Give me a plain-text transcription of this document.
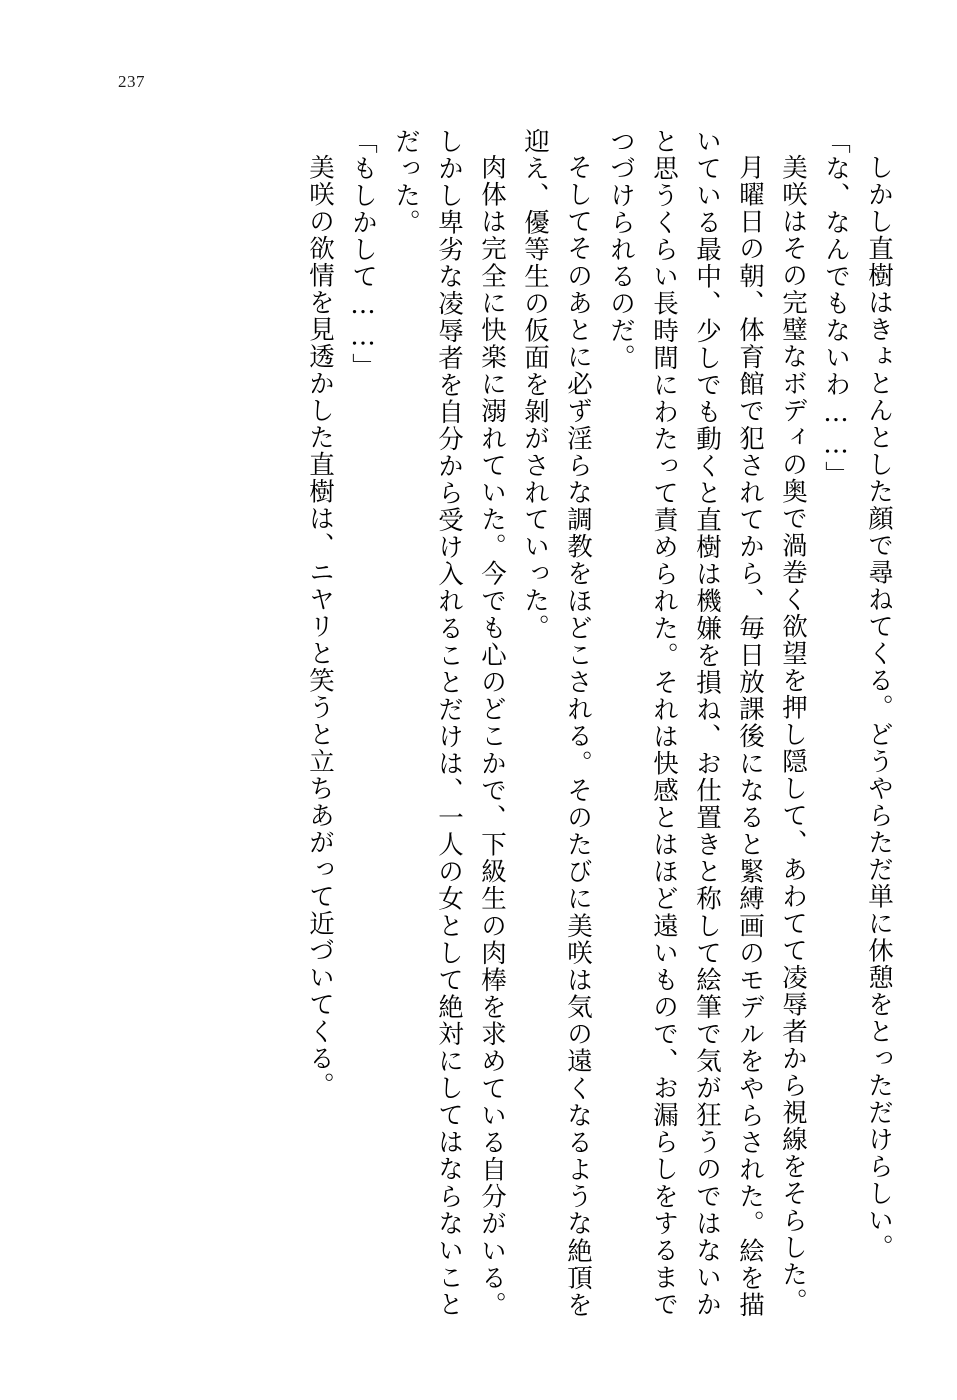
237

しかし直樹はきょとんとした顔で尋ねてくる。どうやらただ単に休憩をとっただけらしい。

「な、なんでもないわ……」

美咲はその完璧なボディの奥で渦巻く欲望を押し隠して、あわてて凌辱者から視線をそらした。

月曜日の朝、体育館で犯されてから、毎日放課後になると緊縛画のモデルをやらされた。絵を描いている最中、少しでも動くと直樹は機嫌を損ね、お仕置きと称して絵筆で気が狂うのではないかと思うくらい長時間にわたって責められた。それは快感とはほど遠いもので、お漏らしをするまでつづけられるのだ。

そしてそのあとに必ず淫らな調教をほどこされる。そのたびに美咲は気の遠くなるような絶頂を迎え、優等生の仮面を剝がされていった。

肉体は完全に快楽に溺れていた。今でも心のどこかで、下級生の肉棒を求めている自分がいる。しかし卑劣な凌辱者を自分から受け入れることだけは、一人の女として絶対にしてはならないことだった。

「もしかして……」

美咲の欲情を見透かした直樹は、ニヤリと笑うと立ちあがって近づいてくる。
